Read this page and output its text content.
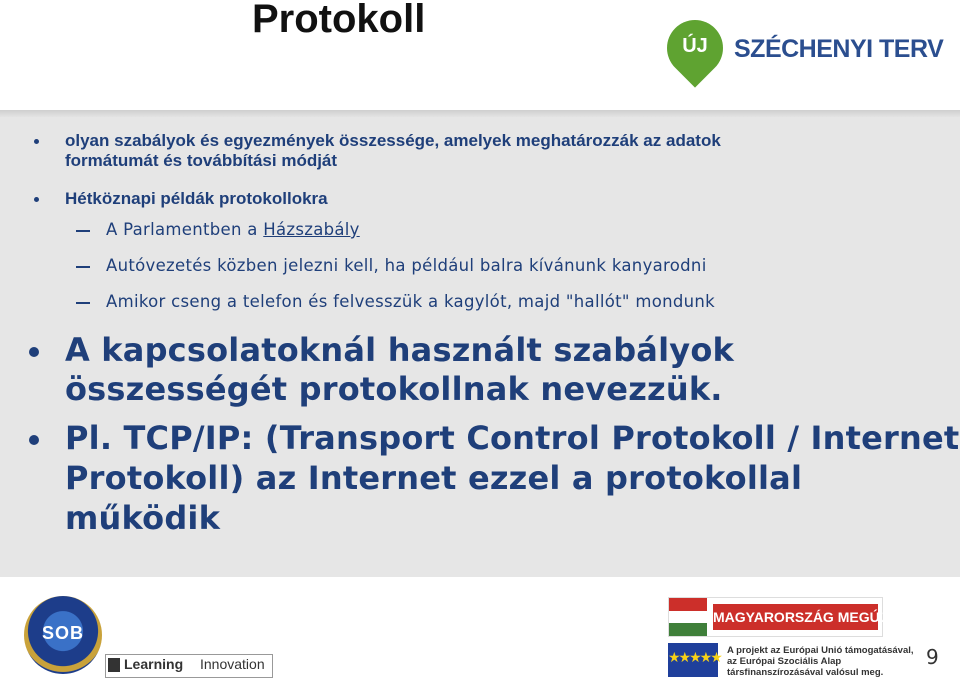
Protokoll
ÚJ SZÉCHENYI TERV
olyan szabályok és egyezmények összessége, amelyek meghatározzák az adatok
formátumát és továbbítási módját
Hétköznapi példák protokollokra
A Parlamentben a Házszabály
Autóvezetés közben jelezni kell, ha például balra kívánunk kanyarodni
Amikor cseng a telefon és felvesszük a kagylót, majd "hallót" mondunk
A kapcsolatoknál használt szabályok
összességét protokollnak nevezzük.
Pl. TCP/IP: (Transport Control Protokoll / Internet
Protokoll) az Internet ezzel a protokollal
működik
SOB
Learning Innovation
MAGYARORSZÁG MEGÚJUL
★★★★★ A projekt az Európai Unió támogatásával,
az Európai Szociális Alap
társfinanszírozásával valósul meg.
9
